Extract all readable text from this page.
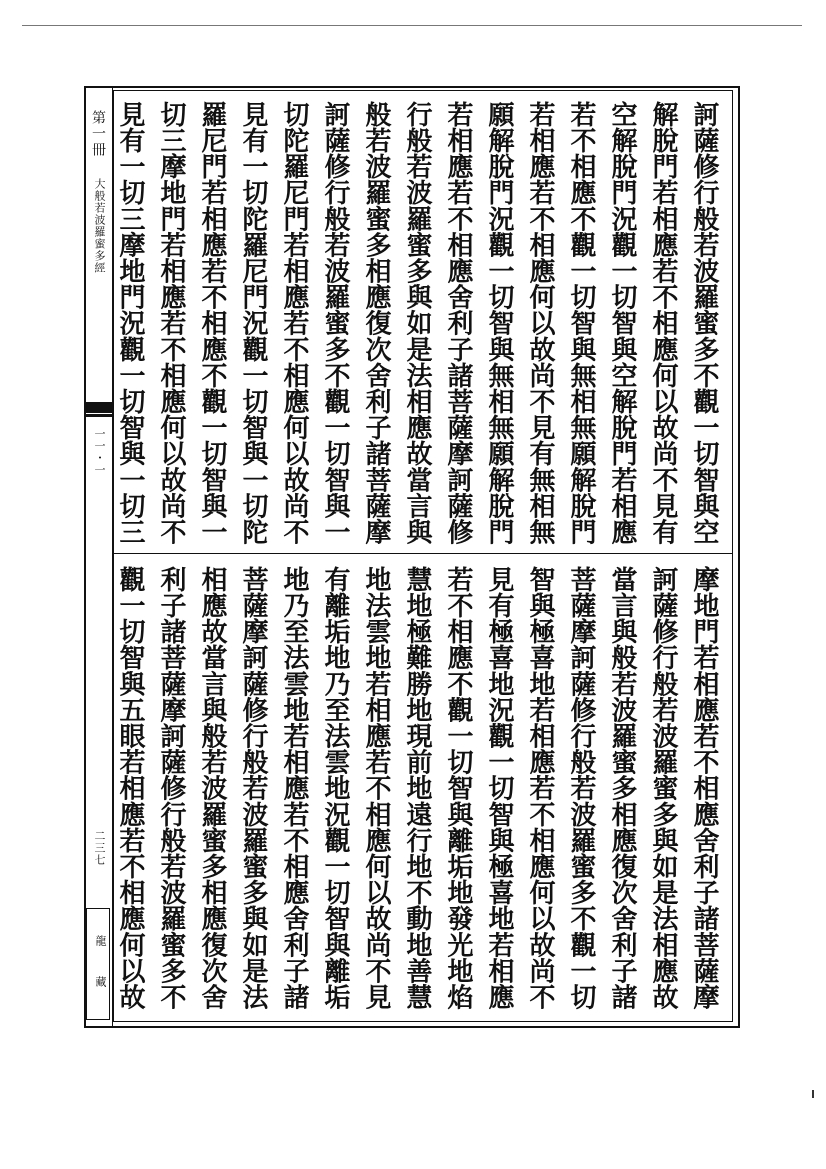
第一冊
大般若波羅蜜多經
一一・一
二三七
龍藏
訶薩修行般若波羅蜜多不觀一切智與空
解脫門若相應若不相應何以故尚不見有
空解脫門況觀一切智與空解脫門若相應
若不相應不觀一切智與無相無願解脫門
若相應若不相應何以故尚不見有無相無
願解脫門況觀一切智與無相無願解脫門
若相應若不相應舍利子諸菩薩摩訶薩修
行般若波羅蜜多與如是法相應故當言與
般若波羅蜜多相應復次舍利子諸菩薩摩
訶薩修行般若波羅蜜多不觀一切智與一
切陀羅尼門若相應若不相應何以故尚不
見有一切陀羅尼門況觀一切智與一切陀
羅尼門若相應若不相應不觀一切智與一
切三摩地門若相應若不相應何以故尚不
見有一切三摩地門況觀一切智與一切三
摩地門若相應若不相應舍利子諸菩薩摩
訶薩修行般若波羅蜜多與如是法相應故
當言與般若波羅蜜多相應復次舍利子諸
菩薩摩訶薩修行般若波羅蜜多不觀一切
智與極喜地若相應若不相應何以故尚不
見有極喜地況觀一切智與極喜地若相應
若不相應不觀一切智與離垢地發光地焰
慧地極難勝地現前地遠行地不動地善慧
地法雲地若相應若不相應何以故尚不見
有離垢地乃至法雲地況觀一切智與離垢
地乃至法雲地若相應若不相應舍利子諸
菩薩摩訶薩修行般若波羅蜜多與如是法
相應故當言與般若波羅蜜多相應復次舍
利子諸菩薩摩訶薩修行般若波羅蜜多不
觀一切智與五眼若相應若不相應何以故
